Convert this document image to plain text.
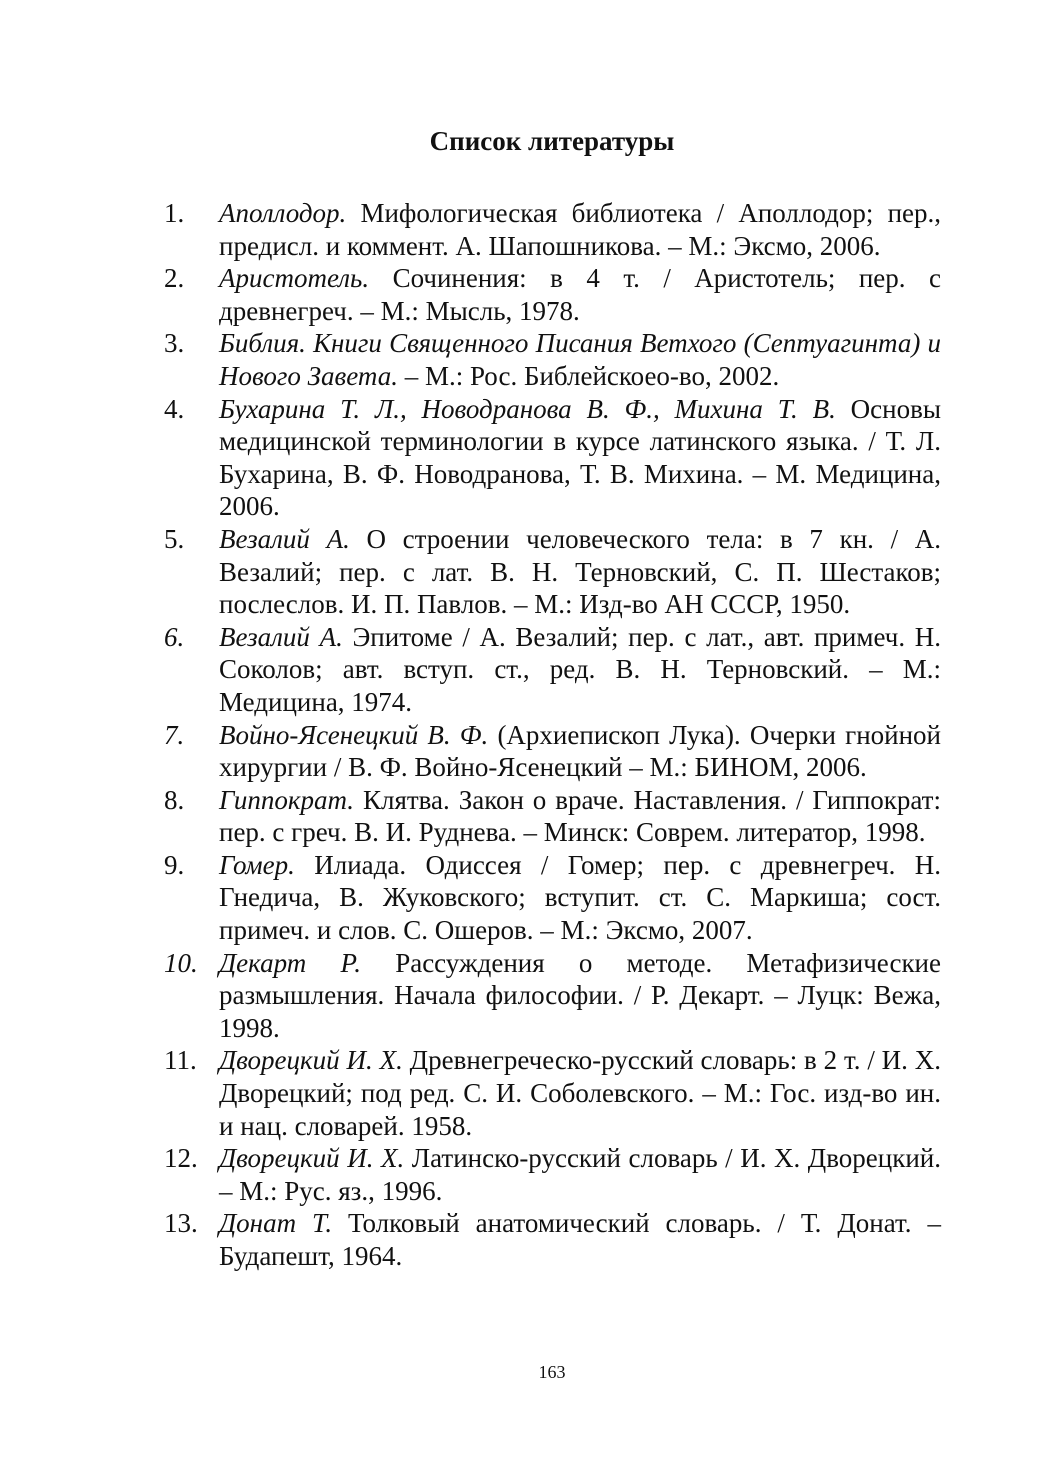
Список литературы
1. Аполлодор. Мифологическая библиотека / Аполлодор; пер., предисл. и коммент. А. Шапошникова. – М.: Эксмо, 2006.
2. Аристотель. Сочинения: в 4 т. / Аристотель; пер. с древнегреч. – М.: Мысль, 1978.
3. Библия. Книги Священного Писания Ветхого (Септуагинта) и Нового Завета. – М.: Рос. Библейскоео-во, 2002.
4. Бухарина Т. Л., Новодранова В. Ф., Михина Т. В. Основы медицинской терминологии в курсе латинского языка. / Т. Л. Бухарина, В. Ф. Новодранова, Т. В. Михина. – М. Медицина, 2006.
5. Везалий А. О строении человеческого тела: в 7 кн. / А. Везалий; пер. с лат. В. Н. Терновский, С. П. Шестаков; послеслов. И. П. Павлов. – М.: Изд-во АН СССР, 1950.
6. Везалий А. Эпитоме / А. Везалий; пер. с лат., авт. примеч. Н. Соколов; авт. вступ. ст., ред. В. Н. Терновский. – М.: Медицина, 1974.
7. Войно-Ясенецкий В. Ф. (Архиепископ Лука). Очерки гнойной хирургии / В. Ф. Войно-Ясенецкий – М.: БИНОМ, 2006.
8. Гиппократ. Клятва. Закон о враче. Наставления. / Гиппократ: пер. с греч. В. И. Руднева. – Минск: Соврем. литератор, 1998.
9. Гомер. Илиада. Одиссея / Гомер; пер. с древнегреч. Н. Гнедича, В. Жуковского; вступит. ст. С. Маркиша; сост. примеч. и слов. С. Ошеров. – М.: Эксмо, 2007.
10. Декарт Р. Рассуждения о методе. Метафизические размышления. Начала философии. / Р. Декарт. – Луцк: Вежа, 1998.
11. Дворецкий И. Х. Древнегреческо-русский словарь: в 2 т. / И. Х. Дворецкий; под ред. С. И. Соболевского. – М.: Гос. изд-во ин. и нац. словарей. 1958.
12. Дворецкий И. Х. Латинско-русский словарь / И. Х. Дворецкий. – М.: Рус. яз., 1996.
13. Донат Т. Толковый анатомический словарь. / Т. Донат. – Будапешт, 1964.
163
